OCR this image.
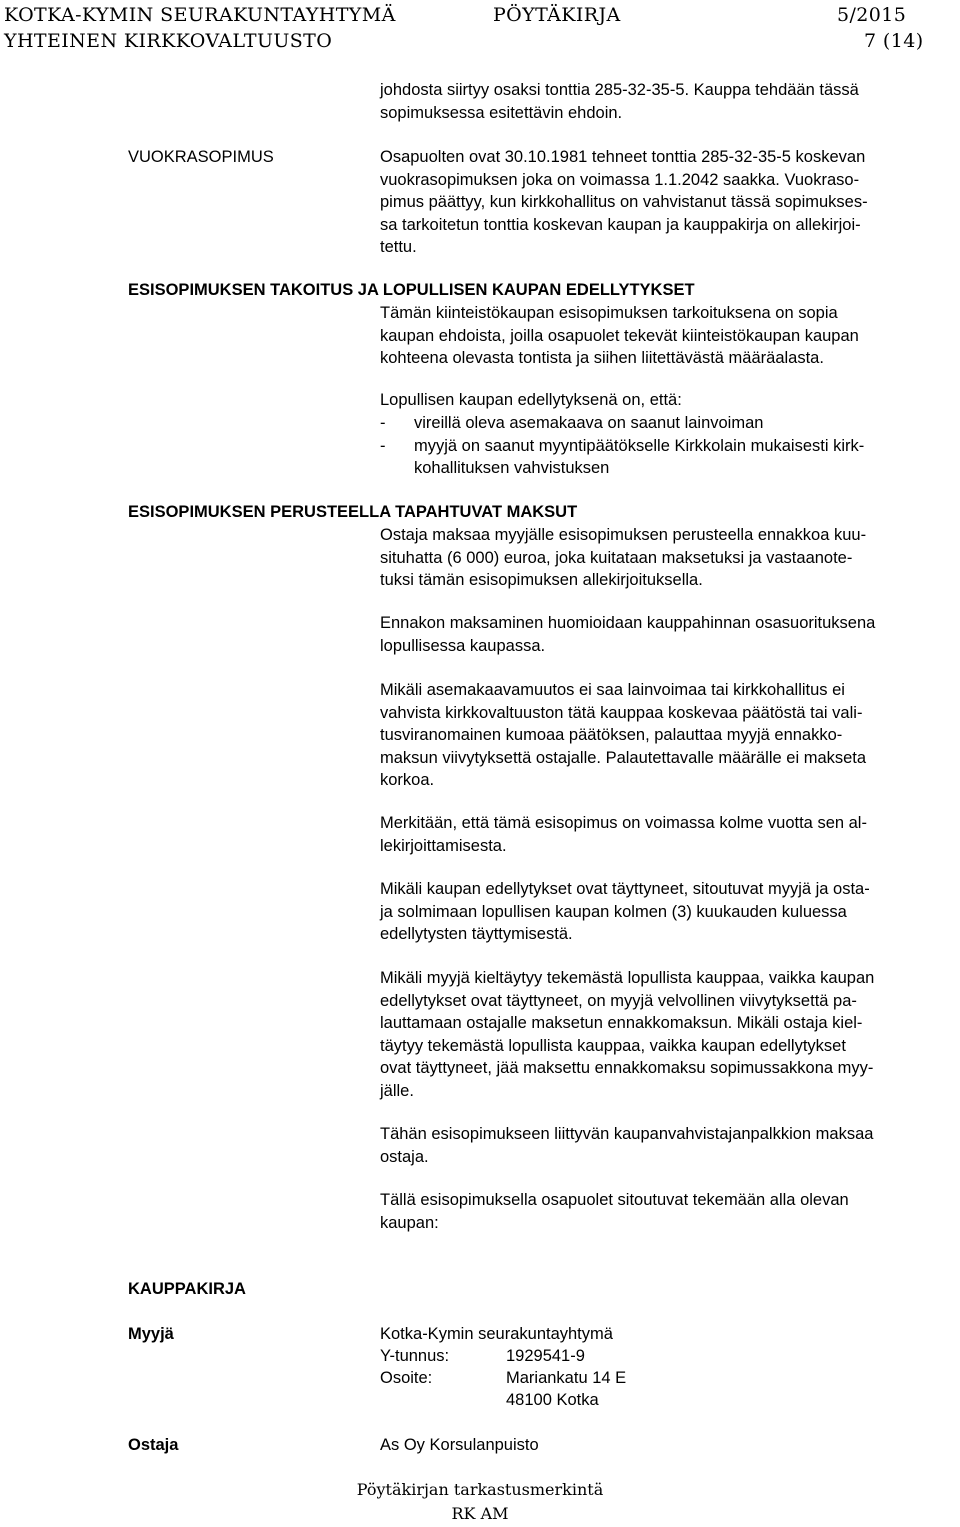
KOTKA-KYMIN SEURAKUNTAYHTYMÄ	PÖYTÄKIRJA	5/2015
YHTEINEN KIRKKOVALTUUSTO	7 (14)
johdosta siirtyy osaksi tonttia 285-32-35-5. Kauppa tehdään tässä
sopimuksessa esitettävin ehdoin.
VUOKRASOPIMUS	Osapuolten ovat 30.10.1981 tehneet tonttia 285-32-35-5 koskevan
vuokrasopimuksen joka on voimassa 1.1.2042 saakka. Vuokraso-
pimus päättyy, kun kirkkohallitus on vahvistanut tässä sopimukses-
sa tarkoitetun tonttia koskevan kaupan ja kauppakirja on allekirjoi-
tettu.
ESISOPIMUKSEN TAKOITUS JA LOPULLISEN KAUPAN EDELLYTYKSET
Tämän kiinteistökaupan esisopimuksen tarkoituksena on sopia
kaupan ehdoista, joilla osapuolet tekevät kiinteistökaupan kaupan
kohteena olevasta tontista ja siihen liitettävästä määräalasta.
Lopullisen kaupan edellytyksenä on, että:
- vireillä oleva asemakaava on saanut lainvoiman
- myyjä on saanut myyntipäätökselle Kirkkolain mukaisesti kirk-
kohallituksen vahvistuksen
ESISOPIMUKSEN PERUSTEELLA TAPAHTUVAT MAKSUT
Ostaja maksaa myyjälle esisopimuksen perusteella ennakkoa kuu-
situhatta (6 000) euroa, joka kuitataan maksetuksi ja vastaanote-
tuksi tämän esisopimuksen allekirjoituksella.
Ennakon maksaminen huomioidaan kauppahinnan osasuorituksena
lopullisessa kaupassa.
Mikäli asemakaavamuutos ei saa lainvoimaa tai kirkkohallitus ei
vahvista kirkkovaltuuston tätä kauppaa koskevaa päätöstä tai vali-
tusviranomainen kumoaa päätöksen, palauttaa myyjä ennakko-
maksun viivytyksettä ostajalle. Palautettavalle määrälle ei makseta
korkoa.
Merkitään, että tämä esisopimus on voimassa kolme vuotta sen al-
lekirjoittamisesta.
Mikäli kaupan edellytykset ovat täyttyneet, sitoutuvat myyjä ja osta-
ja solmimaan lopullisen kaupan kolmen (3) kuukauden kuluessa
edellytysten täyttymisestä.
Mikäli myyjä kieltäytyy tekemästä lopullista kauppaa, vaikka kaupan
edellytykset ovat täyttyneet, on myyjä velvollinen viivytyksettä pa-
lauttamaan ostajalle maksetun ennakkomaksun. Mikäli ostaja kiel-
täytyy tekemästä lopullista kauppaa, vaikka kaupan edellytykset
ovat täyttyneet, jää maksettu ennakkomaksu sopimussakkona myy-
jälle.
Tähän esisopimukseen liittyvän kaupanvahvistajanpalkkion maksaa
ostaja.
Tällä esisopimuksella osapuolet sitoutuvat tekemään alla olevan
kaupan:
KAUPPAKIRJA
Myyjä	Kotka-Kymin seurakuntayhtymä
Y-tunnus:	1929541-9
Osoite:	Mariankatu 14 E
48100 Kotka
Ostaja	As Oy Korsulanpuisto
Pöytäkirjan tarkastusmerkintä
RK AM
